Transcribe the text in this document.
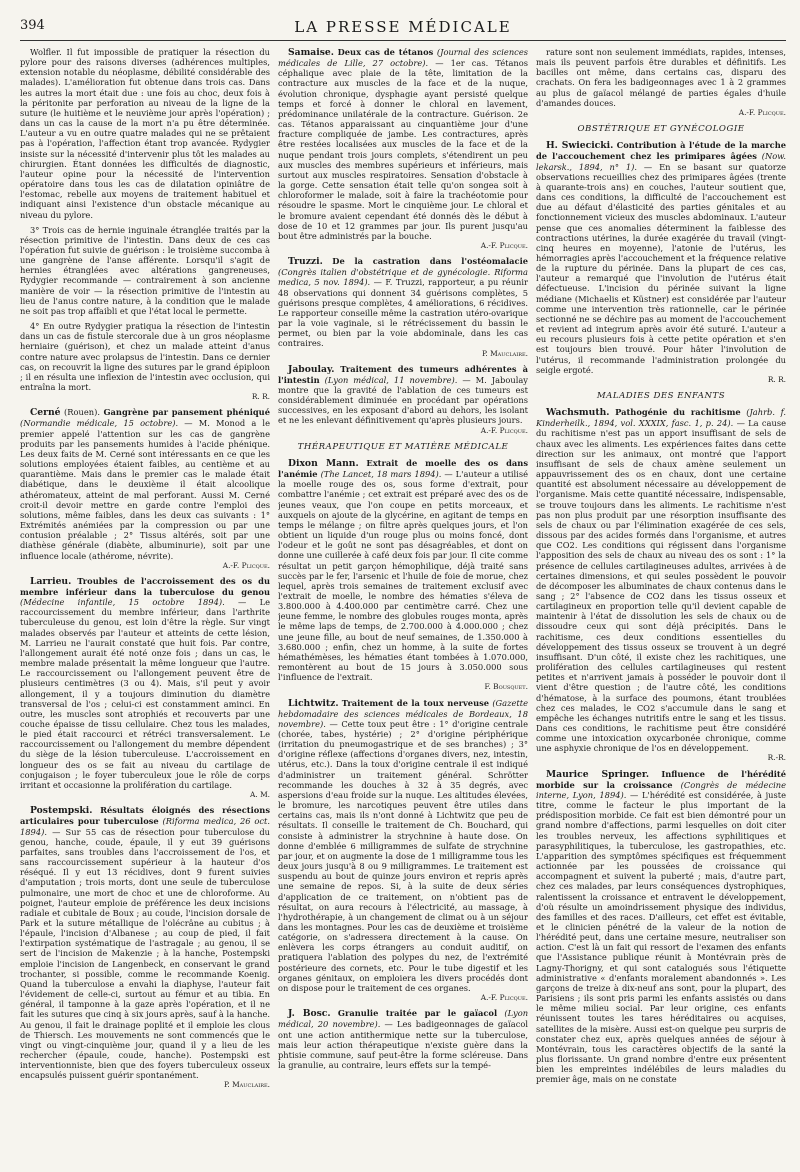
394	LA PRESSE MÉDICALE

Wolfler. Il fut impossible de pratiquer la résection du pylore pour des raisons diverses (adhérences multiples, extension notable du néoplasme, débilité considérable des malades). L'amélioration fut obtenue dans trois cas. Dans les autres la mort était due : une fois au choc, deux fois à la péritonite par perforation au niveau de la ligne de la suture (le huitième et le neuvième jour après l'opération) ; dans un cas la cause de la mort n'a pu être déterminée. L'auteur a vu en outre quatre malades qui ne se prêtaient pas à l'opération, l'affection étant trop avancée. Rydygier insiste sur la nécessité d'intervenir plus tôt les malades au chirurgien. Étant données les difficultés de diagnostic, l'auteur opine pour la nécessité de l'intervention opératoire dans tous les cas de dilatation opiniâtre de l'estomac, rebelle aux moyens de traitement habituel et indiquant ainsi l'existence d'un obstacle mécanique au niveau du pylore.

3° Trois cas de hernie inguinale étranglée traités par la résection primitive de l'intestin. Dans deux de ces cas l'opération fut suivie de guérison : le troisième succomba à une gangrène de l'anse afférente. Lorsqu'il s'agit de hernies étranglées avec altérations gangreneuses, Rydygier recommande — contrairement à son ancienne manière de voir — la résection primitive de l'intestin au lieu de l'anus contre nature, à la condition que le malade ne soit pas trop affaibli et que l'état local le permette.

4° En outre Rydygier pratiqua la résection de l'intestin dans un cas de fistule stercorale due à un gros néoplasme herniaire (guérison), et chez un malade atteint d'anus contre nature avec prolapsus de l'intestin. Dans ce dernier cas, on recouvrit la ligne des sutures par le grand épiploon ; il en résulta une inflexion de l'intestin avec occlusion, qui entraîna la mort.

R. R.

Cerné (Rouen). Gangrène par pansement phéniqué (Normandie médicale, 15 octobre). — M. Monod a le premier appelé l'attention sur les cas de gangrène produits par les pansements humides à l'acide phénique. Les deux faits de M. Cerné sont intéressants en ce que les solutions employées étaient faibles, au centième et au quarantième. Mais dans le premier cas le malade était diabétique, dans le deuxième il était alcoolique athéromateux, atteint de mal perforant. Aussi M. Cerné croit-il devoir mettre en garde contre l'emploi des solutions, même faibles, dans les deux cas suivants : 1° Extrémités anémiées par la compression ou par une contusion préalable ; 2° Tissus altérés, soit par une diathèse générale (diabète, albuminurie), soit par une influence locale (athérome, névrite).

A.-F. Plicque.

Larrieu. Troubles de l'accroissement des os du membre inférieur dans la tuberculose du genou (Médecine infantile, 15 octobre 1894). — Le raccourcissement du membre inférieur, dans l'arthrite tuberculeuse du genou, est loin d'être la règle. Sur vingt malades observés par l'auteur et atteints de cette lésion, M. Larrieu ne l'aurait constaté que huit fois. Par contre, l'allongement aurait été noté onze fois ; dans un cas, le membre malade présentait la même longueur que l'autre. Le raccourcissement ou l'allongement peuvent être de plusieurs centimètres (3 ou 4). Mais, s'il peut y avoir allongement, il y a toujours diminution du diamètre transversal de l'os ; celui-ci est constamment aminci. En outre, les muscles sont atrophiés et recouverts par une couche épaisse de tissu cellulaire. Chez tous les malades, le pied était raccourci et rétréci transversalement. Le raccourcissement ou l'allongement du membre dépendent du siège de la lésion tuberculeuse. L'accroissement en longueur des os se fait au niveau du cartilage de conjugaison ; le foyer tuberculeux joue le rôle de corps irritant et occasionne la prolifération du cartilage.

A. M.

Postempski. Résultats éloignés des résections articulaires pour tuberculose (Riforma medica, 26 oct. 1894). — Sur 55 cas de résection pour tuberculose du genou, hanche, coude, épaule, il y eut 39 guérisons parfaites, sans troubles dans l'accroissement de l'os, et sans raccourcissement supérieur à la hauteur d'os réséqué. Il y eut 13 récidives, dont 9 furent suivies d'amputation ; trois morts, dont une seule de tuberculose pulmonaire, une mort de choc et une de chloroforme. Au poignet, l'auteur emploie de préférence les deux incisions radiale et cubitale de Boux ; au coude, l'incision dorsale de Park et la suture métallique de l'olécrâne au cubitus ; à l'épaule, l'incision d'Albanese ; au coup de pied, il fait l'extirpation systématique de l'astragale ; au genou, il se sert de l'incision de Makenzie ; à la hanche, Postempski emploie l'incision de Langenbeck, en conservant le grand trochanter, si possible, comme le recommande Koenig. Quand la tuberculose a envahi la diaphyse, l'auteur fait l'évidement de celle-ci, surtout au fémur et au tibia. En général, il tamponne à la gaze après l'opération, et il ne fait les sutures que cinq à six jours après, sauf à la hanche. Au genou, il fait le drainage poplité et il emploie les clous de Thiersch. Les mouvements ne sont commencés que le vingt ou vingt-cinquième jour, quand il y a lieu de les rechercher (épaule, coude, hanche). Postempski est interventionniste, bien que des foyers tuberculeux osseux encapsulés puissent guérir spontanément.

P. Maucl​aire.

Samaise. Deux cas de tétanos (Journal des sciences médicales de Lille, 27 octobre). — 1er cas. Tétanos céphalique avec plaie de la tête, limitation de la contracture aux muscles de la face et de la nuque, évolution chronique, dysphagie ayant persisté quelque temps et forcé à donner le chloral en lavement, prédominance unilatérale de la contracture. Guérison. 2e cas. Tétanos apparaissant au cinquantième jour d'une fracture compliquée de jambe. Les contractures, après être restées localisées aux muscles de la face et de la nuque pendant trois jours complets, s'étendirent un peu aux muscles des membres supérieurs et inférieurs, mais surtout aux muscles respiratoires. Sensation d'obstacle à la gorge. Cette sensation était telle qu'on songea soit à chloroformer le malade, soit à faire la trachéotomie pour résoudre le spasme. Mort le cinquième jour. Le chloral et le bromure avaient cependant été donnés dès le début à dose de 10 et 12 grammes par jour. Ils purent jusqu'au bout être administrés par la bouche.

A.-F. Plicque.

Truzzi. De la castration dans l'ostéomalacie (Congrès italien d'obstétrique et de gynécologie. Riforma medica, 5 nov. 1894). — F. Truzzi, rapporteur, a pu réunir 48 observations qui donnent 34 guérisons complètes, 5 guérisons presque complètes, 4 améliorations, 6 récidives. Le rapporteur conseille même la castration utéro-ovarique par la voie vaginale, si le rétrécissement du bassin le permet, ou bien par la voie abdominale, dans les cas contraires.

P. Mauclaire.

Jaboulay. Traitement des tumeurs adhérentes à l'intestin (Lyon médical, 11 novembre). — M. Jaboulay montre que la gravité de l'ablation de ces tumeurs est considérablement diminuée en procédant par opérations successives, en les exposant d'abord au dehors, les isolant et ne les enlevant définitivement qu'après plusieurs jours.

A.-F. Plicque.

THÉRAPEUTIQUE ET MATIÈRE MÉDICALE

Dixon Mann. Extrait de moelle des os dans l'anémie (The Lancet, 18 mars 1894). — L'auteur a utilisé la moelle rouge des os, sous forme d'extrait, pour combattre l'anémie ; cet extrait est préparé avec des os de jeunes veaux, que l'on coupe en petits morceaux, et auxquels on ajoute de la glycérine, en agitant de temps en temps le mélange ; on filtre après quelques jours, et l'on obtient un liquide d'un rouge plus ou moins foncé, dont l'odeur et le goût ne sont pas désagréables, et dont on donne une cuillerée à café deux fois par jour. Il cite comme résultat un petit garçon hémophilique, déjà traité sans succès par le fer, l'arsenic et l'huile de foie de morue, chez lequel, après trois semaines de traitement exclusif avec l'extrait de moelle, le nombre des hématies s'éleva de 3.800.000 à 4.400.000 par centimètre carré. Chez une jeune femme, le nombre des globules rouges monta, après le même laps de temps, de 2.700.000 à 4.000.000 ; chez une jeune fille, au bout de neuf semaines, de 1.350.000 à 3.680.000 ; enfin, chez un homme, à la suite de fortes hémathémèses, les hématies étant tombées à 1.070.000, remontèrent au bout de 15 jours à 3.050.000 sous l'influence de l'extrait.

F. Bousquet.

Lichtwitz. Traitement de la toux nerveuse (Gazette hebdomadaire des sciences médicales de Bordeaux, 18 novembre). — Cette toux peut être : 1° d'origine centrale (chorée, tabes, hystérie) ; 2° d'origine périphérique (irritation du pneumogastrique et de ses branches) ; 3° d'origine réflexe (affections d'organes divers, nez, intestin, utérus, etc.). Dans la toux d'origine centrale il est indiqué d'administrer un traitement général. Schrötter recommande les douches à 32 à 35 degrés, avec aspersions d'eau froide sur la nuque. Les altitudes élevées, le bromure, les narcotiques peuvent être utiles dans certains cas, mais ils n'ont donné à Lichtwitz que peu de résultats. Il conseille le traitement de Ch. Bouchard, qui consiste à administrer la strychnine à haute dose. On donne d'emblée 6 milligrammes de sulfate de strychnine par jour, et on augmente la dose de 1 milligramme tous les deux jours jusqu'à 8 ou 9 milligrammes. Le traitement est suspendu au bout de quinze jours environ et repris après une semaine de repos. Si, à la suite de deux séries d'application de ce traitement, on n'obtient pas de résultat, on aura recours à l'électricité, au massage, à l'hydrothérapie, à un changement de climat ou à un séjour dans les montagnes. Pour les cas de deuxième et troisième catégorie, on s'adressera directement à la cause. On enlèvera les corps étrangers au conduit auditif, on pratiquera l'ablation des polypes du nez, de l'extrémité postérieure des cornets, etc. Pour le tube digestif et les organes génitaux, on emploiera les divers procédés dont on dispose pour le traitement de ces organes.

A.-F. Plicque.

J. Bosc. Granulie traitée par le gaïacol (Lyon médical, 20 novembre). — Les badigeonnages de gaïacol ont une action antithermique nette sur la tuberculose, mais leur action thérapeutique n'existe guère dans la phtisie commune, sauf peut-être la forme scléreuse. Dans la granulie, au contraire, leurs effets sur la tempé-

rature sont non seulement immédiats, rapides, intenses, mais ils peuvent parfois être durables et définitifs. Les bacilles ont même, dans certains cas, disparu des crachats. On fera les badigeonnages avec 1 à 2 grammes au plus de gaïacol mélangé de parties égales d'huile d'amandes douces.

A.-F. Plicque.

OBSTÉTRIQUE ET GYNÉCOLOGIE

H. Swiecicki. Contribution à l'étude de la marche de l'accouchement chez les primipares âgées (Now. lekarsk., 1894, n° 1). — En se basant sur quatorze observations recueillies chez des primipares âgées (trente à quarante-trois ans) en couches, l'auteur soutient que, dans ces conditions, la difficulté de l'accouchement est due au défaut d'élasticité des parties génitales et au fonctionnement vicieux des muscles abdominaux. L'auteur pense que ces anomalies déterminent la faiblesse des contractions utérines, la durée exagérée du travail (vingt-cinq heures en moyenne), l'atonie de l'utérus, les hémorragies après l'accouchement et la fréquence relative de la rupture du périnée. Dans la plupart de ces cas, l'auteur a remarqué que l'involution de l'utérus était défectueuse. L'incision du périnée suivant la ligne médiane (Michaelis et Küstner) est considérée par l'auteur comme une intervention très rationnelle, car le périnée sectionné ne se déchire pas au moment de l'accouchement et revient ad integrum après avoir été suturé. L'auteur a eu recours plusieurs fois à cette petite opération et s'en est toujours bien trouvé. Pour hâter l'involution de l'utérus, il recommande l'administration prolongée du seigle ergoté.

R. R.

MALADIES DES ENFANTS

Wachsmuth. Pathogénie du rachitisme (Jahrb. f. Kinderheilk., 1894, vol. XXXIX, fasc. 1, p. 24). — La cause du rachitisme n'est pas un apport insuffisant de sels de chaux avec les aliments. Les expériences faites dans cette direction sur les animaux, ont montré que l'apport insuffisant de sels de chaux amène seulement un appauvrissement des os en chaux, dont une certaine quantité est absolument nécessaire au développement de l'organisme. Mais cette quantité nécessaire, indispensable, se trouve toujours dans les aliments. Le rachitisme n'est pas non plus produit par une résorption insuffisante des sels de chaux ou par l'élimination exagérée de ces sels, dissous par des acides formés dans l'organisme, et autres que CO2. Les conditions qui régissent dans l'organisme l'apposition des sels de chaux au niveau des os sont : 1° la présence de cellules cartilagineuses adultes, arrivées à de certaines dimensions, et qui seules possèdent le pouvoir de décomposer les albuminates de chaux contenus dans le sang ; 2° l'absence de CO2 dans les tissus osseux et cartilagineux en proportion telle qu'il devient capable de maintenir à l'état de dissolution les sels de chaux ou de dissoudre ceux qui sont déjà précipités. Dans le rachitisme, ces deux conditions essentielles du développement des tissus osseux se trouvent à un degré insuffisant. D'un côté, il existe chez les rachitiques, une prolifération des cellules cartilagineuses qui restent petites et n'arrivent jamais à posséder le pouvoir dont il vient d'être question ; de l'autre côté, les conditions d'hématose, à la surface des poumons, étant troublées chez ces malades, le CO2 s'accumule dans le sang et empêche les échanges nutritifs entre le sang et les tissus. Dans ces conditions, le rachitisme peut être considéré comme une intoxication oxycarbonée chronique, comme une asphyxie chronique de l'os en développement.

R.-R.

Maurice Springer. Influence de l'hérédité morbide sur la croissance (Congrès de médecine interne, Lyon, 1894). — L'hérédité est considérée, à juste titre, comme le facteur le plus important de la prédisposition morbide. Ce fait est bien démontré pour un grand nombre d'affections, parmi lesquelles on doit citer les troubles nerveux, les affections syphilitiques et parasyphilitiques, la tuberculose, les gastropathies, etc. L'apparition des symptômes spécifiques est fréquemment actionnée par les poussées de croissance qui accompagnent et suivent la puberté ; mais, d'autre part, chez ces malades, par leurs conséquences dystrophiques, ralentissent la croissance et entravent le développement, d'où résulte un amoindrissement physique des individus, des familles et des races. D'ailleurs, cet effet est évitable, et le clinicien pénétré de la valeur de la notion de l'hérédité peut, dans une certaine mesure, neutraliser son action. C'est là un fait qui ressort de l'examen des enfants que l'Assistance publique réunit à Montévrain près de Lagny-Thorigny, et qui sont catalogués sous l'étiquette administrative « d'enfants moralement abandonnés ». Les garçons de treize à dix-neuf ans sont, pour la plupart, des Parisiens ; ils sont pris parmi les enfants assistés ou dans le même milieu social. Par leur origine, ces enfants réunissent toutes les tares héréditaires ou acquises, satellites de la misère. Aussi est-on quelque peu surpris de constater chez eux, après quelques années de séjour à Montévrain, tous les caractères objectifs de la santé la plus florissante. Un grand nombre d'entre eux présentent bien les empreintes indélébiles de leurs maladies du premier âge, mais on ne constate
